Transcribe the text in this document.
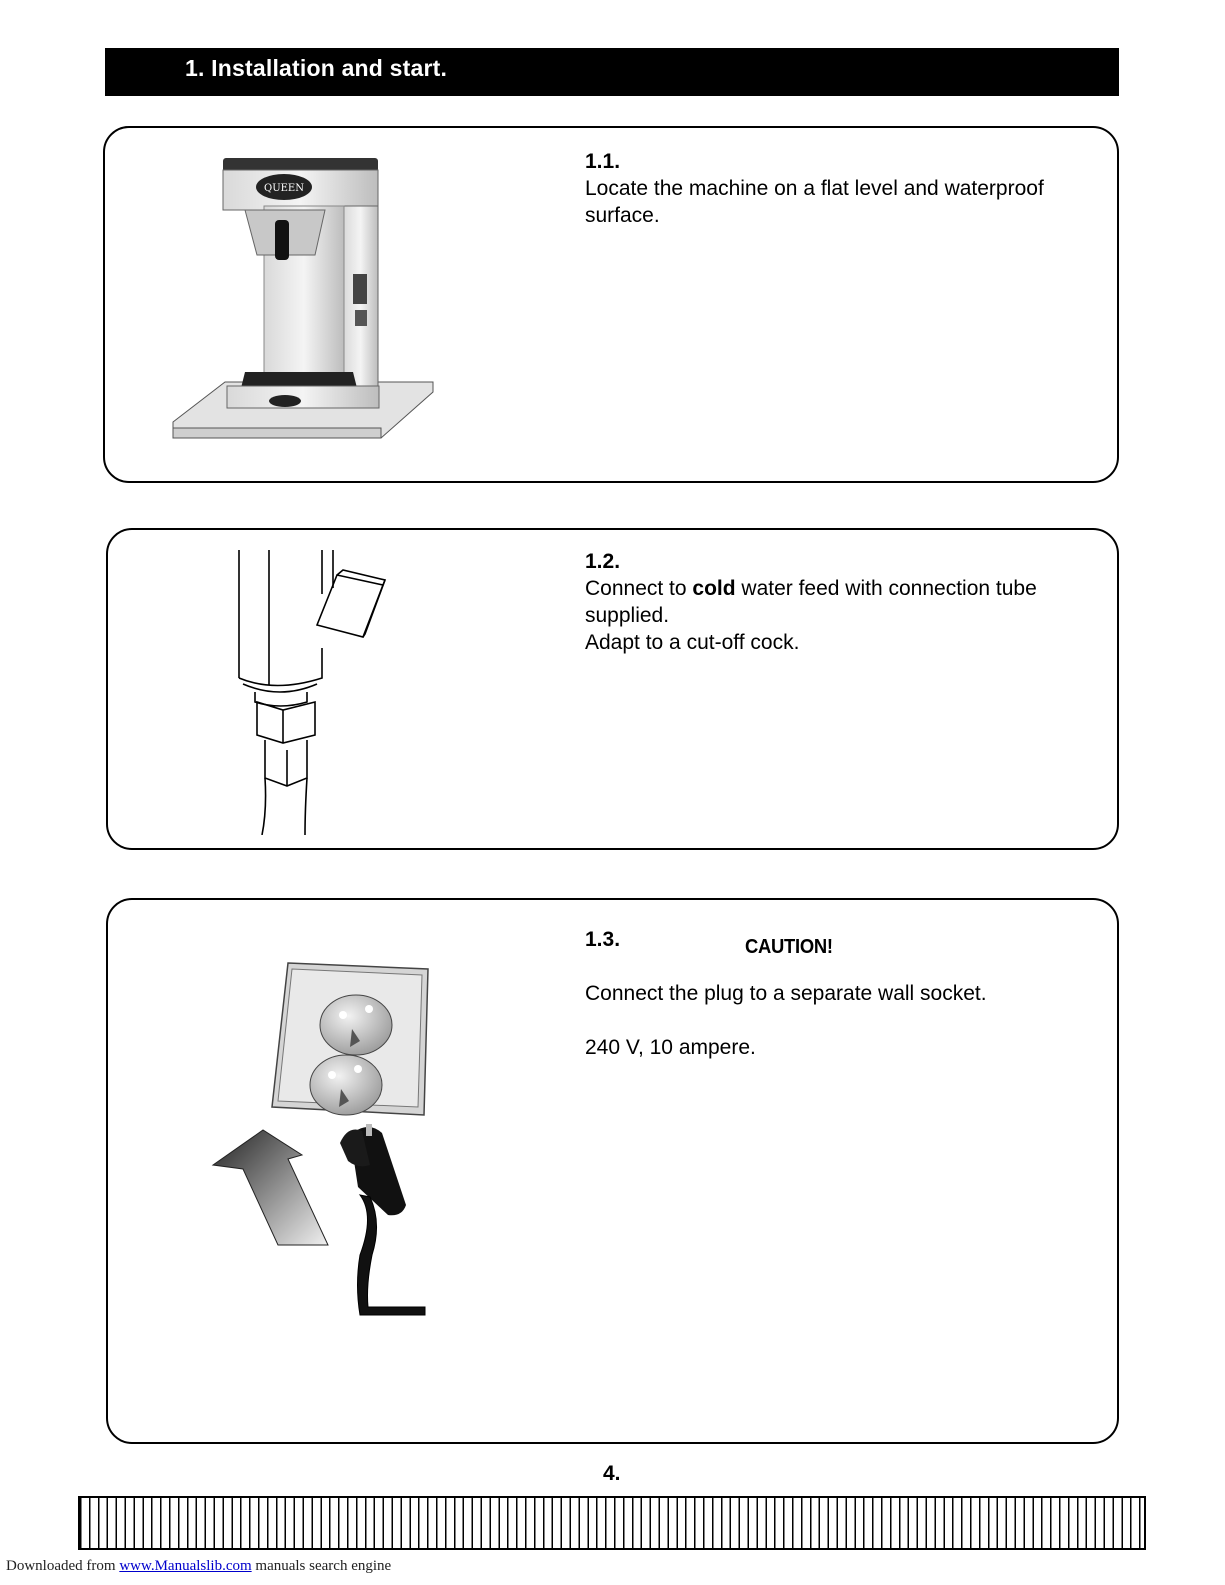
1. Installation and start.
QUEEN
1.1.
Locate the machine on a flat level and waterproof
surface.
1.2.
Connect to cold water feed with connection tube
supplied.
Adapt to a cut-off cock.
1.3.
Connect the plug to a separate wall socket.
240 V, 10 ampere.
CAUTION!
4.
Downloaded from www.Manualslib.com manuals search engine
